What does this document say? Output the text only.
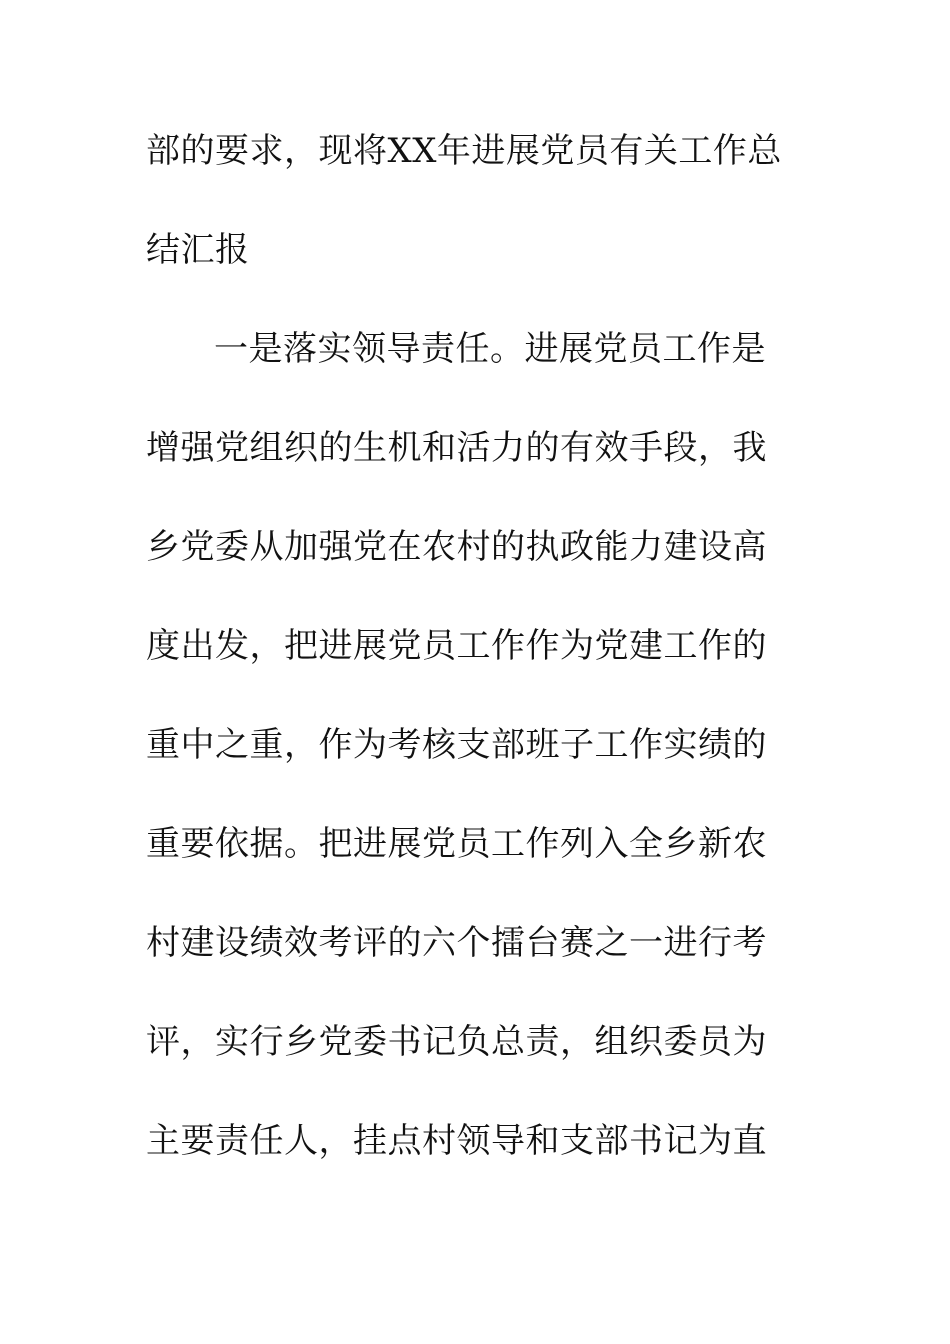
部的要求，现将XX年进展党员有关工作总
结汇报
一是落实领导责任。进展党员工作是
增强党组织的生机和活力的有效手段，我
乡党委从加强党在农村的执政能力建设高
度出发，把进展党员工作作为党建工作的
重中之重，作为考核支部班子工作实绩的
重要依据。把进展党员工作列入全乡新农
村建设绩效考评的六个擂台赛之一进行考
评，实行乡党委书记负总责，组织委员为
主要责任人，挂点村领导和支部书记为直
